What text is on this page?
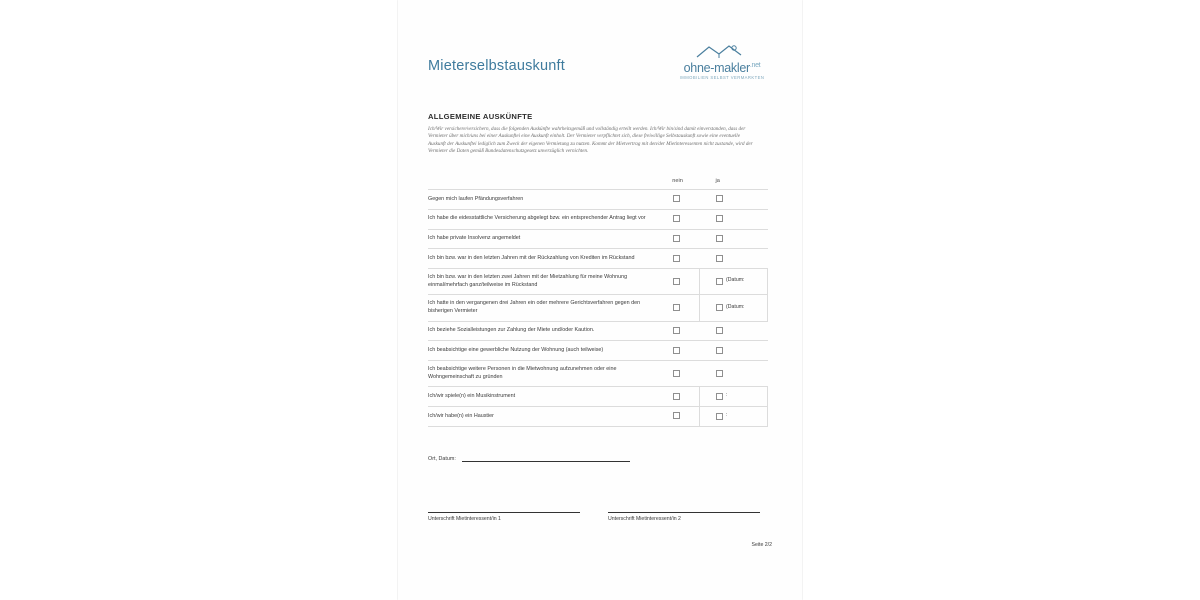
Mieterselbstauskunft	ohne-makler$^{.net}$
IMMOBILIEN SELBST VERMARKTEN
ALLGEMEINE AUSKÜNFTE
Ich/Wir versichere/versichern, dass die folgenden Auskünfte wahrheitsgemäß und vollständig erteilt werden. Ich/Wir bin/sind damit einverstanden, dass der Vermieter über mich/uns bei einer Auskunftei eine Auskunft einholt. Der Vermieter verpflichtet sich, diese freiwillige Selbstauskunft sowie eine eventuelle Auskunft der Auskunftei lediglich zum Zweck der eigenen Vermietung zu nutzen. Kommt der Mietvertrag mit den/der Mietinteressenten nicht zustande, wird der Vermieter die Daten gemäß Bundesdatenschutzgesetz unverzüglich vernichten.
	nein	ja
Gegen mich laufen Pfändungsverfahren		
Ich habe die eidesstattliche Versicherung abgelegt bzw. ein entsprechender Antrag liegt vor		
Ich habe private Insolvenz angemeldet		
Ich bin bzw. war in den letzten Jahren mit der Rückzahlung von Krediten im Rückstand		
Ich bin bzw. war in den letzten zwei Jahren mit der Mietzahlung für meine Wohnung einmal/mehrfach ganz/teilweise im Rückstand		(Datum:
Ich hatte in den vergangenen drei Jahren ein oder mehrere Gerichtsverfahren gegen den bisherigen Vermieter		(Datum:
Ich beziehe Sozialleistungen zur Zahlung der Miete und/oder Kaution.		
Ich beabsichtige eine gewerbliche Nutzung der Wohnung (auch teilweise)		
Ich beabsichtige weitere Personen in die Mietwohnung aufzunehmen oder eine Wohngemeinschaft zu gründen		
Ich/wir spiele(n) ein Musikinstrument		:
Ich/wir habe(n) ein Haustier		:
Ort, Datum:
Unterschrift Mietinteressent/in 1	Unterschrift Mietinteressent/in 2
Seite 2/2
